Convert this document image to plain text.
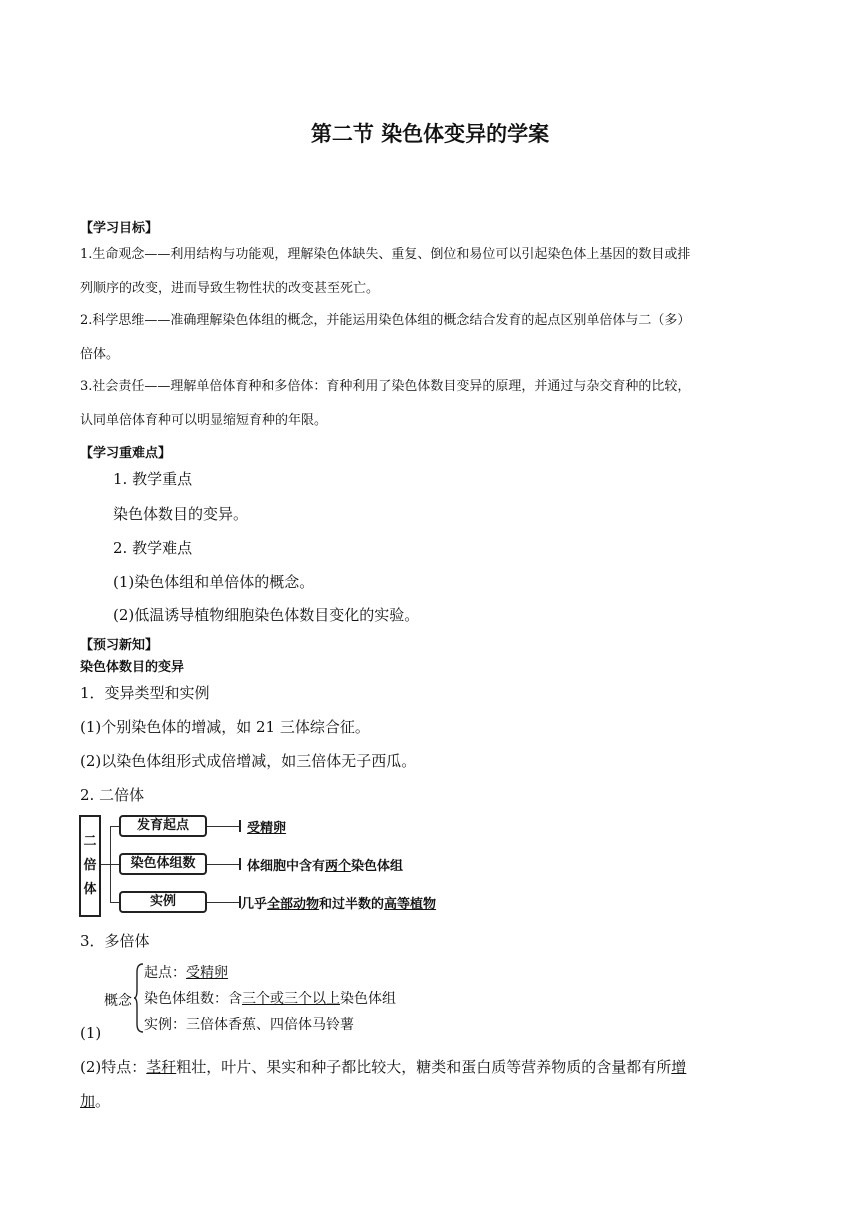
第二节 染色体变异的学案
【学习目标】
1.生命观念——利用结构与功能观，理解染色体缺失、重复、倒位和易位可以引起染色体上基因的数目或排
列顺序的改变，进而导致生物性状的改变甚至死亡。
2.科学思维——准确理解染色体组的概念，并能运用染色体组的概念结合发育的起点区别单倍体与二（多）
倍体。
3.社会责任——理解单倍体育种和多倍体：育种利用了染色体数目变异的原理，并通过与杂交育种的比较，
认同单倍体育种可以明显缩短育种的年限。
【学习重难点】
1. 教学重点
染色体数目的变异。
2. 教学难点
(1)染色体组和单倍体的概念。
(2)低温诱导植物细胞染色体数目变化的实验。
【预习新知】
染色体数目的变异
1．变异类型和实例
(1)个别染色体的增减，如 21 三体综合征。
(2)以染色体组形式成倍增减，如三倍体无子西瓜。
2. 二倍体
二
倍
体
发育起点
染色体组数
实例
受精卵
体细胞中含有两个染色体组
几乎全部动物和过半数的高等植物
3．多倍体
概念
起点：受精卵
染色体组数：含三个或三个以上染色体组
实例：三倍体香蕉、四倍体马铃薯
(1)
(2)特点：茎秆粗壮，叶片、果实和种子都比较大，糖类和蛋白质等营养物质的含量都有所增
加。
